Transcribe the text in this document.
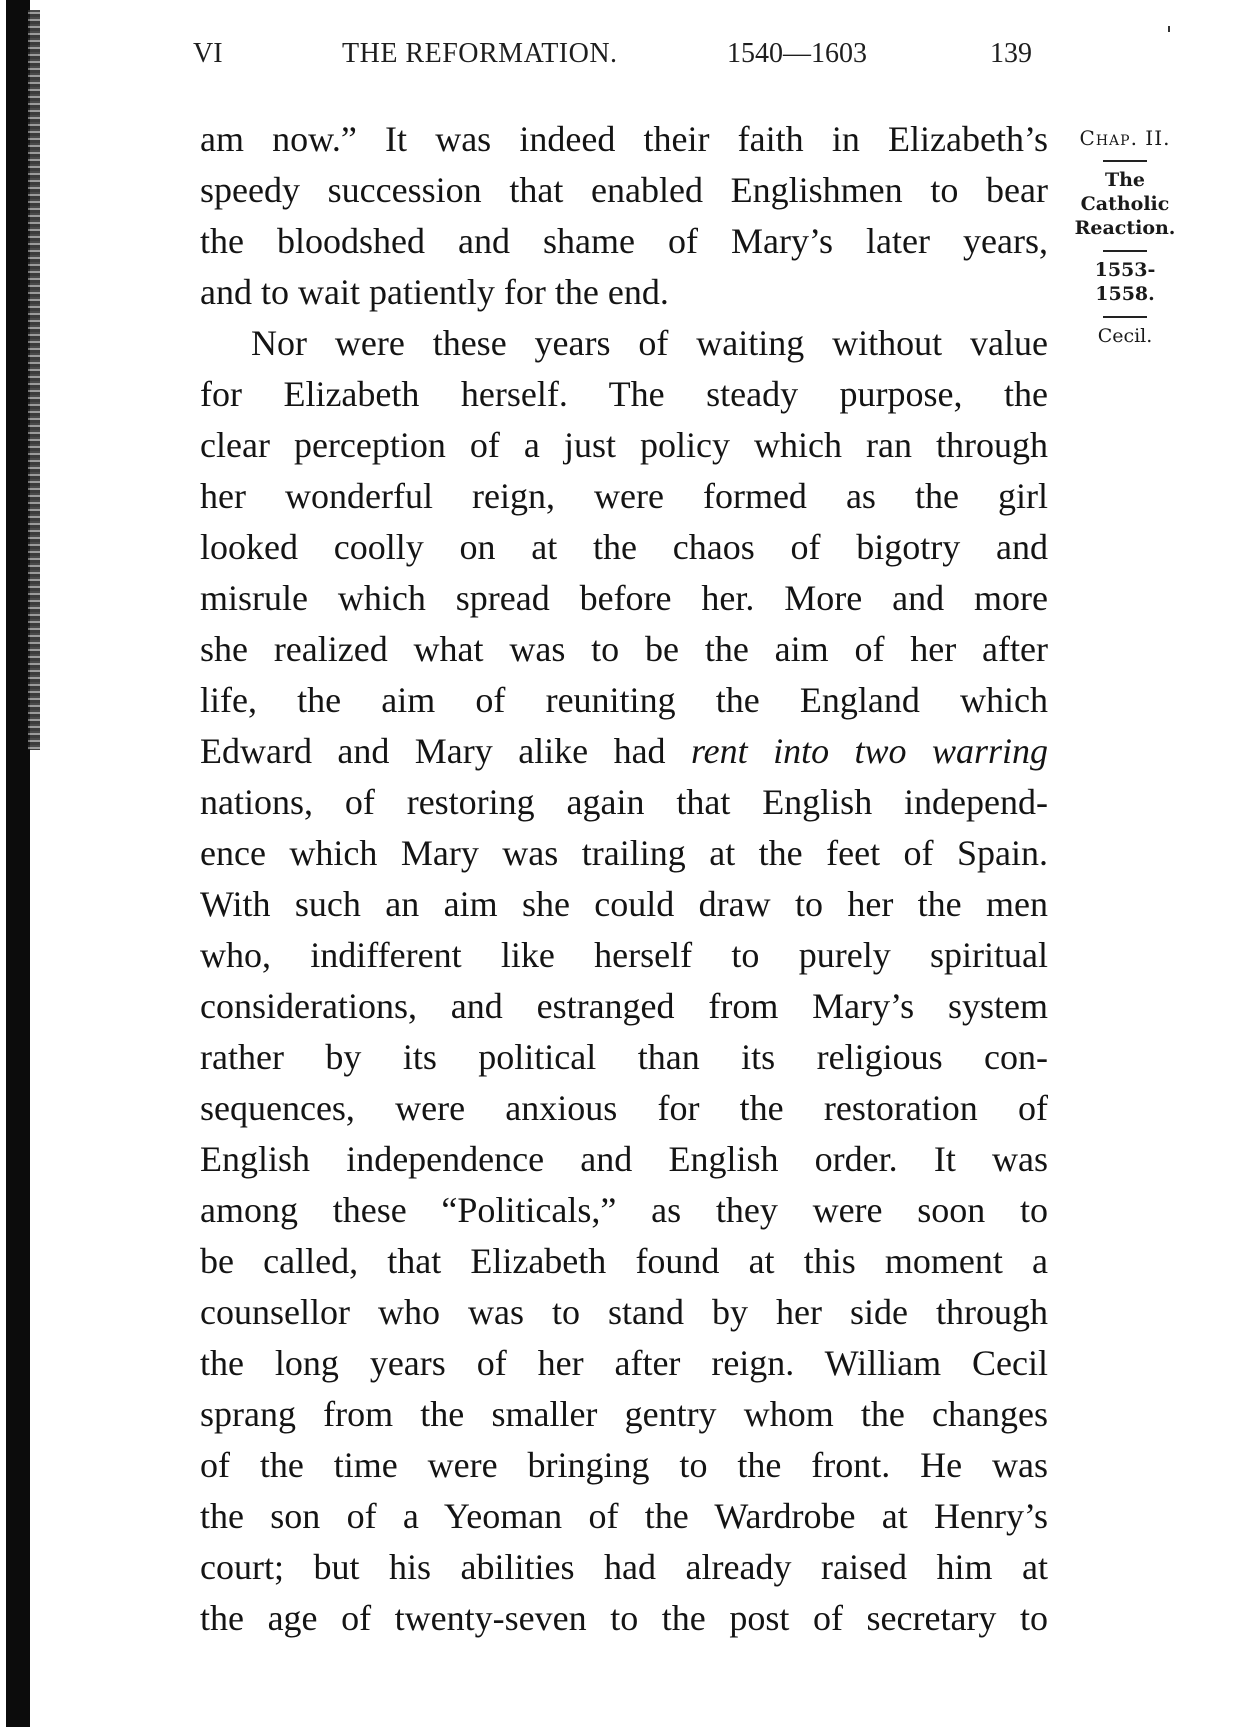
VI	THE REFORMATION.	1540—1603	139

am now.” It was indeed their faith in Elizabeth’s

speedy succession that enabled Englishmen to bear

the bloodshed and shame of Mary’s later years,

and to wait patiently for the end.

Nor were these years of waiting without value

for Elizabeth herself. The steady purpose, the

clear perception of a just policy which ran through

her wonderful reign, were formed as the girl

looked coolly on at the chaos of bigotry and

misrule which spread before her. More and more

she realized what was to be the aim of her after

life, the aim of reuniting the England which

Edward and Mary alike had rent into two warring

nations, of restoring again that English independ-

ence which Mary was trailing at the feet of Spain.

With such an aim she could draw to her the men

who, indifferent like herself to purely spiritual

considerations, and estranged from Mary’s system

rather by its political than its religious con-

sequences, were anxious for the restoration of

English independence and English order. It was

among these “Politicals,” as they were soon to

be called, that Elizabeth found at this moment a

counsellor who was to stand by her side through

the long years of her after reign. William Cecil

sprang from the smaller gentry whom the changes

of the time were bringing to the front. He was

the son of a Yeoman of the Wardrobe at Henry’s

court; but his abilities had already raised him at

the age of twenty-seven to the post of secretary to

Chap. II.
The
Catholic
Reaction.
1553-1558.
Cecil.
